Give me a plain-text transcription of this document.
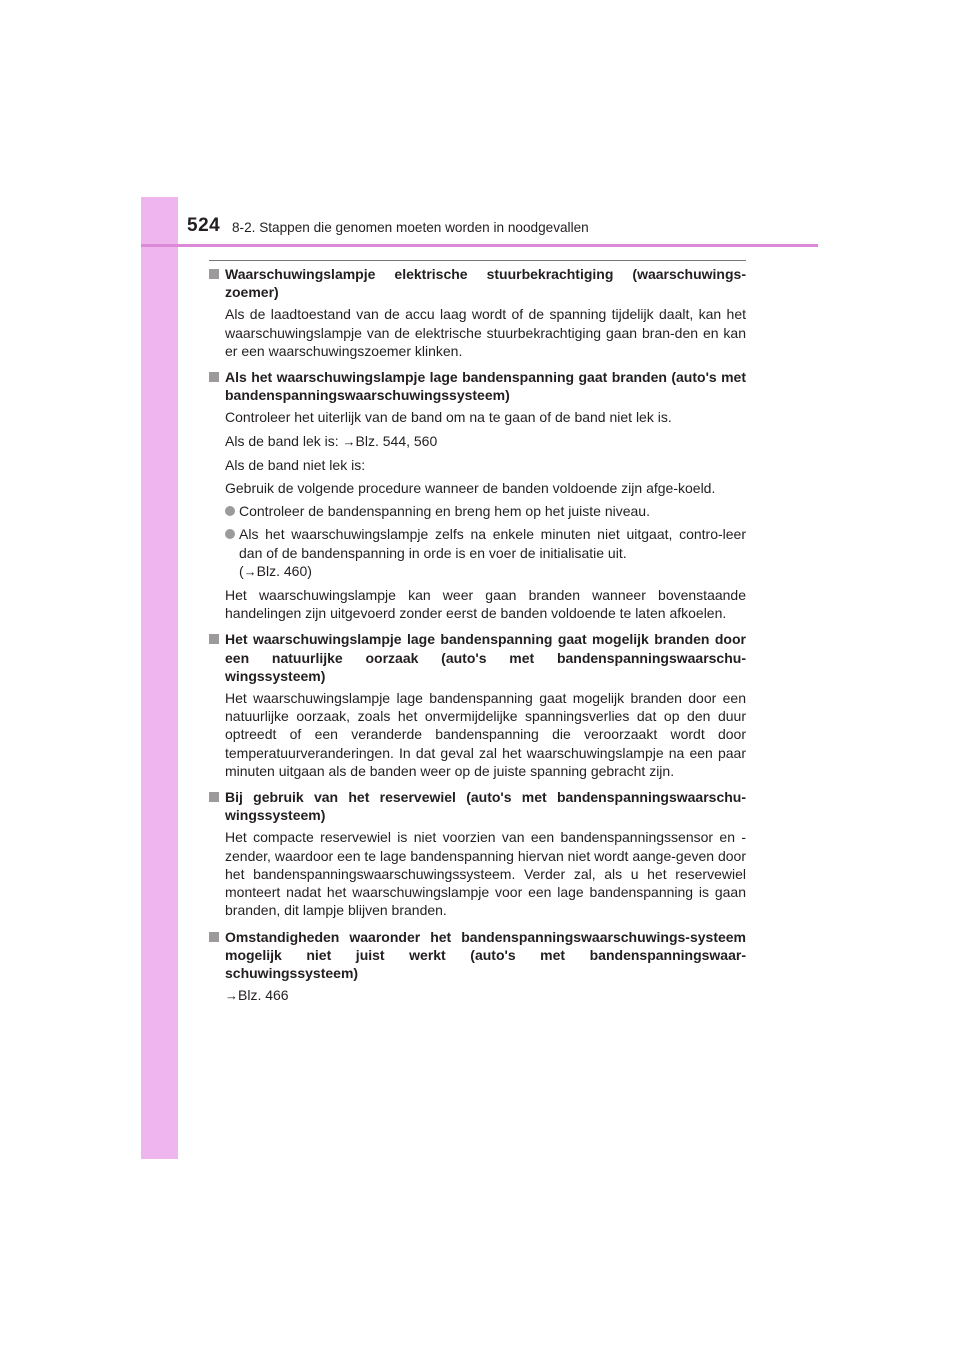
524 8-2. Stappen die genomen moeten worden in noodgevallen
Waarschuwingslampje elektrische stuurbekrachtiging (waarschuwings-zoemer)
Als de laadtoestand van de accu laag wordt of de spanning tijdelijk daalt, kan het waarschuwingslampje van de elektrische stuurbekrachtiging gaan bran-den en kan er een waarschuwingszoemer klinken.
Als het waarschuwingslampje lage bandenspanning gaat branden (auto's met bandenspanningswaarschuwingssysteem)
Controleer het uiterlijk van de band om na te gaan of de band niet lek is.
Als de band lek is: →Blz. 544, 560
Als de band niet lek is:
Gebruik de volgende procedure wanneer de banden voldoende zijn afge-koeld.
Controleer de bandenspanning en breng hem op het juiste niveau.
Als het waarschuwingslampje zelfs na enkele minuten niet uitgaat, contro-leer dan of de bandenspanning in orde is en voer de initialisatie uit.
(→Blz. 460)
Het waarschuwingslampje kan weer gaan branden wanneer bovenstaande handelingen zijn uitgevoerd zonder eerst de banden voldoende te laten afkoelen.
Het waarschuwingslampje lage bandenspanning gaat mogelijk branden door een natuurlijke oorzaak (auto's met bandenspanningswaarschu-wingssysteem)
Het waarschuwingslampje lage bandenspanning gaat mogelijk branden door een natuurlijke oorzaak, zoals het onvermijdelijke spanningsverlies dat op den duur optreedt of een veranderde bandenspanning die veroorzaakt wordt door temperatuurveranderingen. In dat geval zal het waarschuwingslampje na een paar minuten uitgaan als de banden weer op de juiste spanning gebracht zijn.
Bij gebruik van het reservewiel (auto's met bandenspanningswaarschu-wingssysteem)
Het compacte reservewiel is niet voorzien van een bandenspanningssensor en -zender, waardoor een te lage bandenspanning hiervan niet wordt aange-geven door het bandenspanningswaarschuwingssysteem. Verder zal, als u het reservewiel monteert nadat het waarschuwingslampje voor een lage bandenspanning is gaan branden, dit lampje blijven branden.
Omstandigheden waaronder het bandenspanningswaarschuwings-systeem mogelijk niet juist werkt (auto's met bandenspanningswaar-schuwingssysteem)
→Blz. 466
